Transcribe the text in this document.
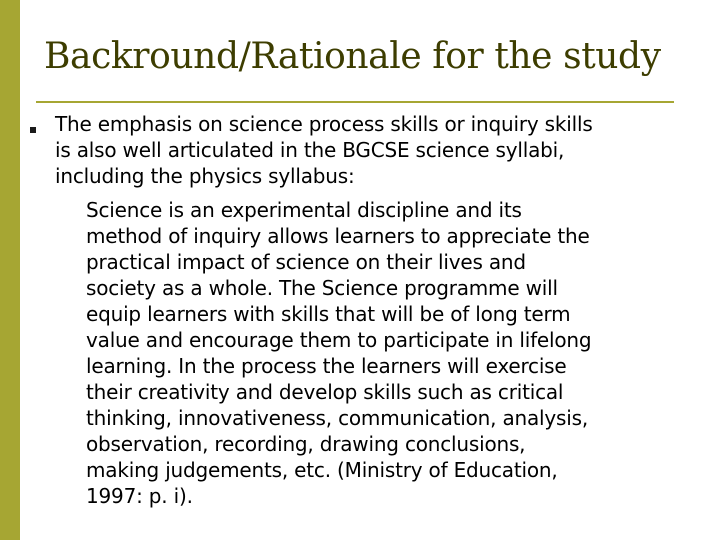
Backround/Rationale for the study
The emphasis on science process skills or inquiry skills
is also well articulated in the BGCSE science syllabi,
including the physics syllabus:
Science is an experimental discipline and its
method of inquiry allows learners to appreciate the
practical impact of science on their lives and
society as a whole. The Science programme will
equip learners with skills that will be of long term
value and encourage them to participate in lifelong
learning. In the process the learners will exercise
their creativity and develop skills such as critical
thinking, innovativeness, communication, analysis,
observation, recording, drawing conclusions,
making judgements, etc. (Ministry of Education,
1997: p. i).
